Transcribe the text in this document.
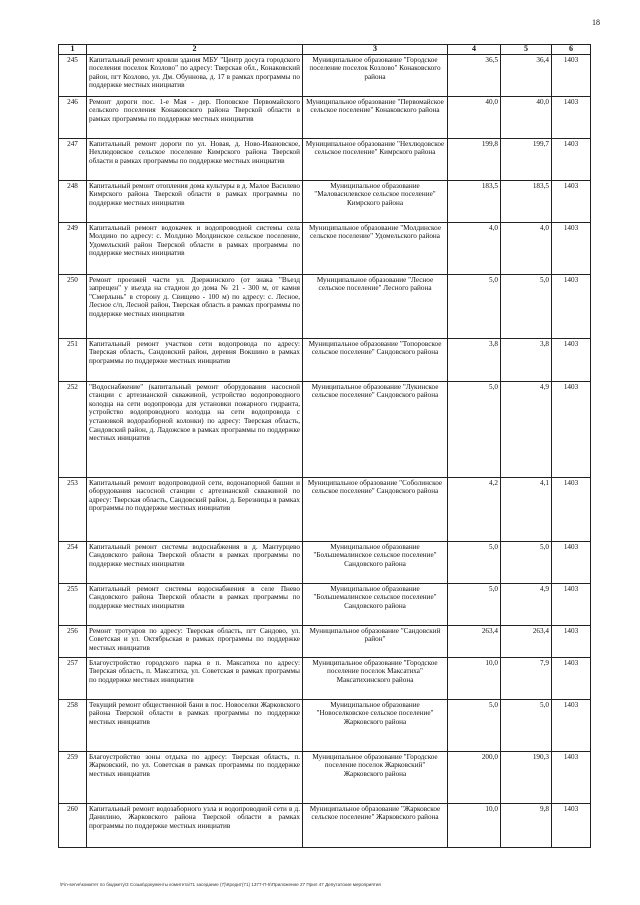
18
1	2	3	4	5	6
245	Капитальный ремонт кровли здания МБУ "Центр досуга городского поселения поселок Козлово" по адресу: Тверская обл., Конаковский район, пгт Козлово, ул. Дм. Обуннова, д. 17 в рамках программы по поддержке местных инициатив	Муниципальное образование "Городское поселение поселок Козлово" Конаковского района	36,5	36,4	1403
246	Ремонт дороги пос. 1-е Мая - дер. Поповское Первомайского сельского поселения Конаковского района Тверской области в рамках программы по поддержке местных инициатив	Муниципальное образование "Первомайское сельское поселение" Конаковского района	40,0	40,0	1403
247	Капитальный ремонт дороги по ул. Новая, д. Ново-Ивановское, Нехлюдовское сельское поселение Кимрского района Тверской области в рамках программы по поддержке местных инициатив	Муниципальное образование "Нехлюдовское сельское поселение" Кимрского района	199,8	199,7	1403
248	Капитальный ремонт отопления дома культуры в д. Малое Василево Кимрского района Тверской области в рамках программы по поддержке местных инициатив	Муниципальное образование "Маловасилевское сельское поселение" Кимрского района	183,5	183,5	1403
249	Капитальный ремонт водокачек и водопроводной системы села Молдино по адресу: с. Молдино Молдинское сельское поселение, Удомельский район Тверской области в рамках программы по поддержке местных инициатив	Муниципальное образование "Молдинское сельское поселение" Удомельского района	4,0	4,0	1403
250	Ремонт проезжей части ул. Дзержинского (от знака "Въезд запрещен" у въезда на стадион до дома № 21 - 300 м, от камня "Смерлынь" в сторону д. Свищево - 100 м) по адресу: с. Лесное, Лесное с/п, Лесной район, Тверская область в рамках программы по поддержке местных инициатив	Муниципальное образование "Лесное сельское поселение" Лесного района	5,0	5,0	1403
251	Капитальный ремонт участков сети водопровода по адресу: Тверская область, Сандовский район, деревня Вокшино в рамках программы по поддержке местных инициатив	Муниципальное образование "Топоровское сельское поселение" Сандовского района	3,8	3,8	1403
252	"Водоснабжение" (капитальный ремонт оборудования насосной станции с артезианской скважиной, устройство водопроводного колодца на сети водопровода для установки пожарного гидранта, устройство водопроводного колодца на сети водопровода с установкой водоразборной колонки) по адресу: Тверская область, Сандовский район, д. Ладожское в рамках программы по поддержке местных инициатив	Муниципальное образование "Лукинское сельское поселение" Сандовского района	5,0	4,9	1403
253	Капитальный ремонт водопроводной сети, водонапорной башни и оборудования насосной станции с артезианской скважиной по адресу: Тверская область, Сандовский район, д. Березницы в рамках программы по поддержке местных инициатив	Муниципальное образование "Соболинское сельское поселение" Сандовского района	4,2	4,1	1403
254	Капитальный ремонт системы водоснабжения в д. Мантурцево Сандовского района Тверской области в рамках программы по поддержке местных инициатив	Муниципальное образование "Большемалинское сельское поселение" Сандовского района	5,0	5,0	1403
255	Капитальный ремонт системы водоснабжения в селе Пнево Сандовского района Тверской области в рамках программы по поддержке местных инициатив	Муниципальное образование "Большемалинское сельское поселение" Сандовского района	5,0	4,9	1403
256	Ремонт тротуаров по адресу: Тверская область, пгт Сандово, ул. Советская и ул. Октябрьская в рамках программы по поддержке местных инициатив	Муниципальное образование "Сандовский район"	263,4	263,4	1403
257	Благоустройство городского парка в п. Максатиха по адресу: Тверская область, п. Максатиха, ул. Советская в рамках программы по поддержке местных инициатив	Муниципальное образование "Городское поселение поселок Максатиха" Максатихинского района	10,0	7,9	1403
258	Текущий ремонт общественной бани в пос. Новоселки Жарковского района Тверской области в рамках программы по поддержке местных инициатив	Муниципальное образование "Новоселковское сельское поселение" Жарковского района	5,0	5,0	1403
259	Благоустройство зоны отдыха по адресу: Тверская область, п. Жарковский, по ул. Советская в рамках программы по поддержке местных инициатив	Муниципальное образование "Городское поселение поселок Жарковский" Жарковского района	200,0	190,3	1403
260	Капитальный ремонт водозаборного узла и водопроводной сети в д. Данилино, Жарковского района Тверской области в рамках программы по поддержке местных инициатив	Муниципальное образование "Жарковское сельское поселение" Жарковского района	10,0	9,8	1403
\Fin-serve\комитет по бюджету\3 Созыв\документы комитета\71 заседание (7)\Кредит(71) 1377-П-5\Приложение 27 Прил 47 Депутатские мероприятия
